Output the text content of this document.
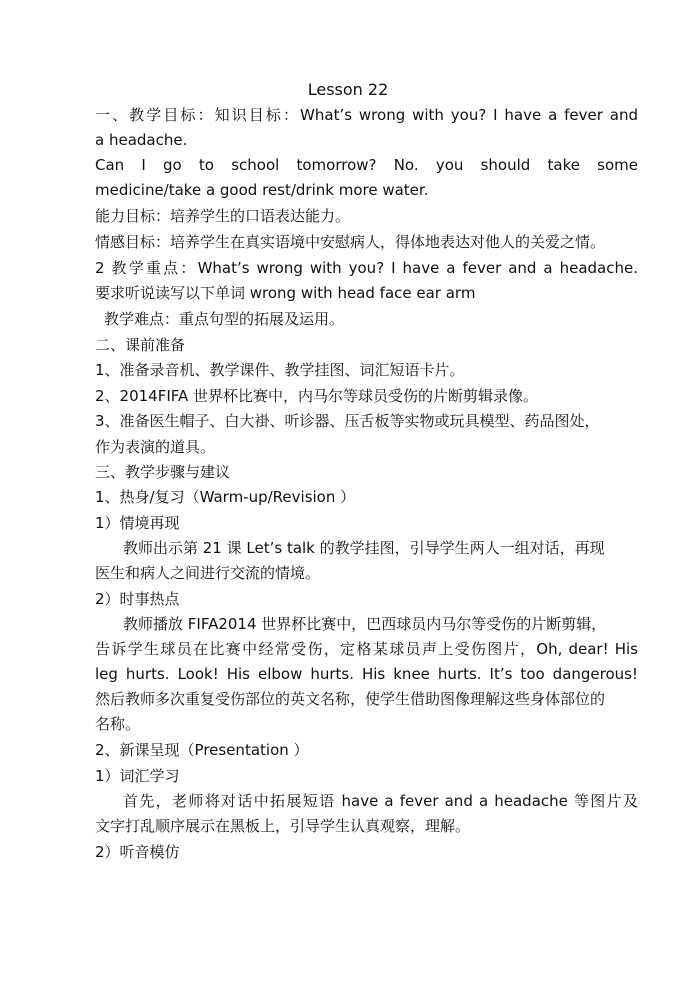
Lesson 22
一、教学目标：知识目标：What’s wrong with you? I have a fever and
a headache.
Can I go to school tomorrow? No. you should take some
medicine/take a good rest/drink more water.
能力目标：培养学生的口语表达能力。
情感目标：培养学生在真实语境中安慰病人，得体地表达对他人的关爱之情。
2 教学重点：What’s wrong with you? I have a fever and a headache.
要求听说读写以下单词 wrong with head face ear arm
教学难点：重点句型的拓展及运用。
二、课前准备
1、准备录音机、教学课件、教学挂图、词汇短语卡片。
2、2014FIFA 世界杯比赛中，内马尔等球员受伤的片断剪辑录像。
3、准备医生帽子、白大褂、听诊器、压舌板等实物或玩具模型、药品图处，
作为表演的道具。
三、教学步骤与建议
1、热身/复习（Warm-up/Revision ）
1）情境再现
教师出示第 21 课 Let’s talk 的教学挂图，引导学生两人一组对话，再现
医生和病人之间进行交流的情境。
2）时事热点
教师播放 FIFA2014 世界杯比赛中，巴西球员内马尔等受伤的片断剪辑，
告诉学生球员在比赛中经常受伤，定格某球员声上受伤图片，Oh, dear! His
leg hurts. Look! His elbow hurts. His knee hurts. It’s too dangerous!
然后教师多次重复受伤部位的英文名称，使学生借助图像理解这些身体部位的
名称。
2、新课呈现（Presentation ）
1）词汇学习
首先，老师将对话中拓展短语 have a fever and a headache 等图片及
文字打乱顺序展示在黑板上，引导学生认真观察，理解。
2）听音模仿
